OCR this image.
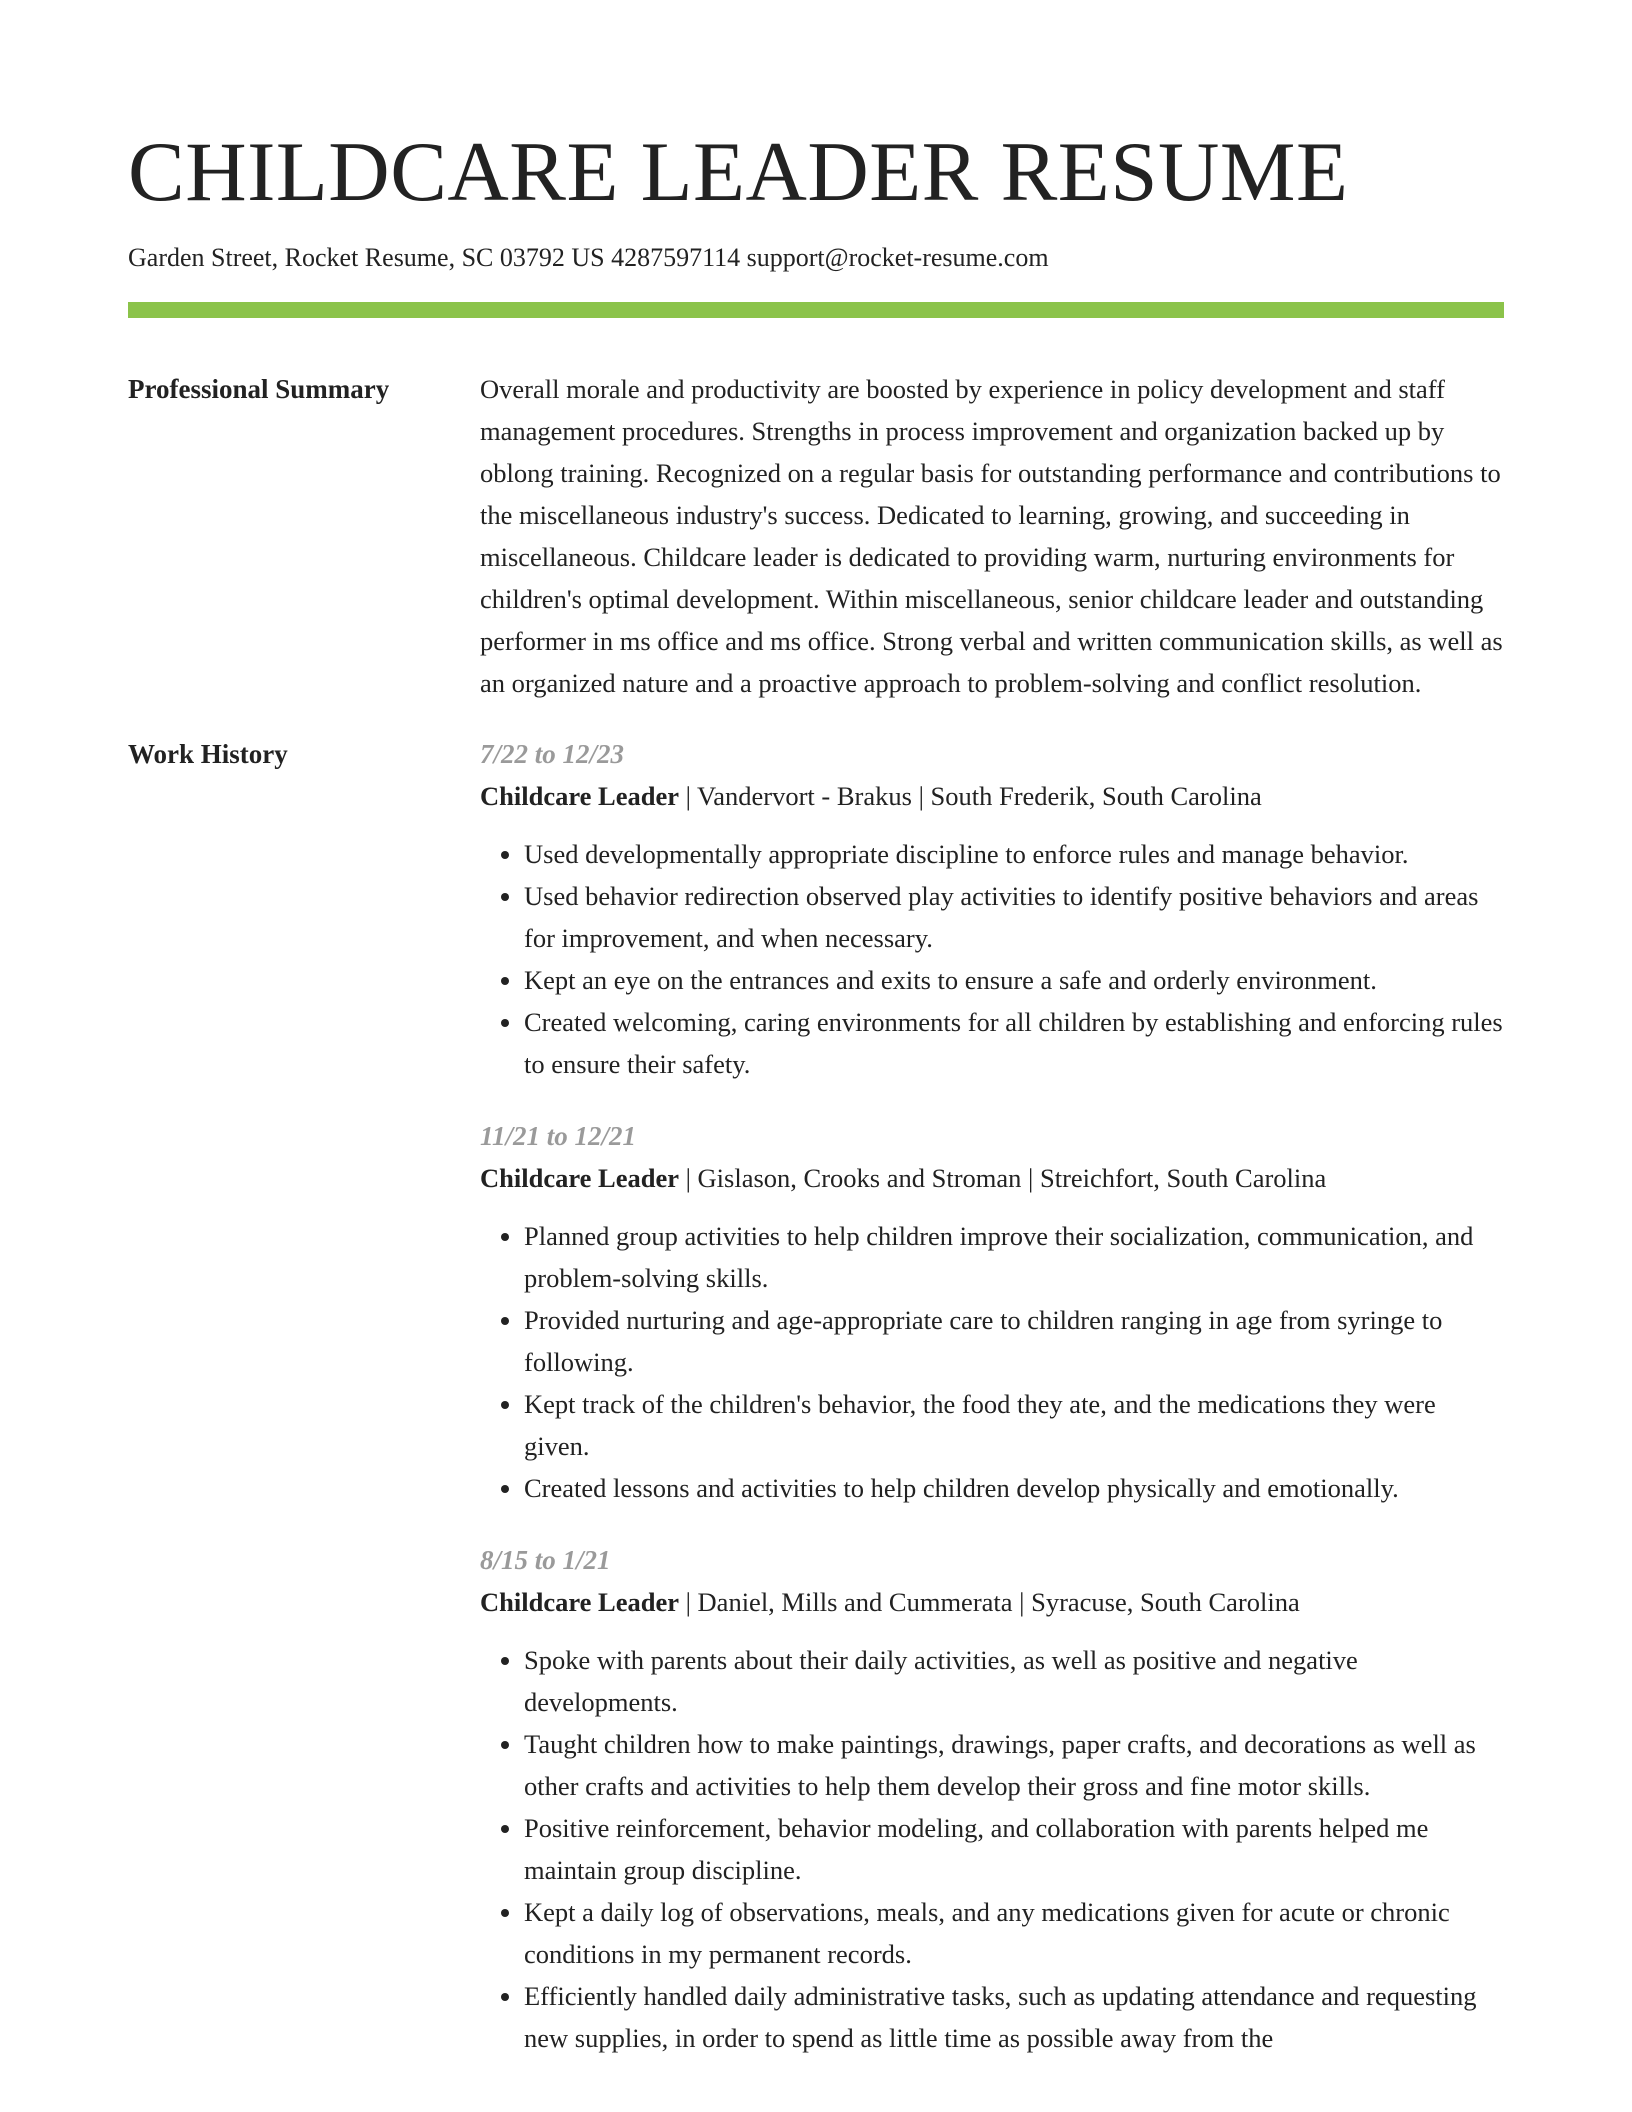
CHILDCARE LEADER RESUME
Garden Street, Rocket Resume, SC 03792 US 4287597114 support@rocket-resume.com
Professional Summary	Overall morale and productivity are boosted by experience in policy development and staff management procedures. Strengths in process improvement and organization backed up by oblong training. Recognized on a regular basis for outstanding performance and contributions to the miscellaneous industry's success. Dedicated to learning, growing, and succeeding in miscellaneous. Childcare leader is dedicated to providing warm, nurturing environments for children's optimal development. Within miscellaneous, senior childcare leader and outstanding performer in ms office and ms office. Strong verbal and written communication skills, as well as an organized nature and a proactive approach to problem-solving and conflict resolution.

Work History	7/22 to 12/23
Childcare Leader | Vandervort - Brakus | South Frederik, South Carolina
• Used developmentally appropriate discipline to enforce rules and manage behavior.
• Used behavior redirection observed play activities to identify positive behaviors and areas for improvement, and when necessary.
• Kept an eye on the entrances and exits to ensure a safe and orderly environment.
• Created welcoming, caring environments for all children by establishing and enforcing rules to ensure their safety.
11/21 to 12/21
Childcare Leader | Gislason, Crooks and Stroman | Streichfort, South Carolina
• Planned group activities to help children improve their socialization, communication, and problem-solving skills.
• Provided nurturing and age-appropriate care to children ranging in age from syringe to following.
• Kept track of the children's behavior, the food they ate, and the medications they were given.
• Created lessons and activities to help children develop physically and emotionally.
8/15 to 1/21
Childcare Leader | Daniel, Mills and Cummerata | Syracuse, South Carolina
• Spoke with parents about their daily activities, as well as positive and negative developments.
• Taught children how to make paintings, drawings, paper crafts, and decorations as well as other crafts and activities to help them develop their gross and fine motor skills.
• Positive reinforcement, behavior modeling, and collaboration with parents helped me maintain group discipline.
• Kept a daily log of observations, meals, and any medications given for acute or chronic conditions in my permanent records.
• Efficiently handled daily administrative tasks, such as updating attendance and requesting new supplies, in order to spend as little time as possible away from the
